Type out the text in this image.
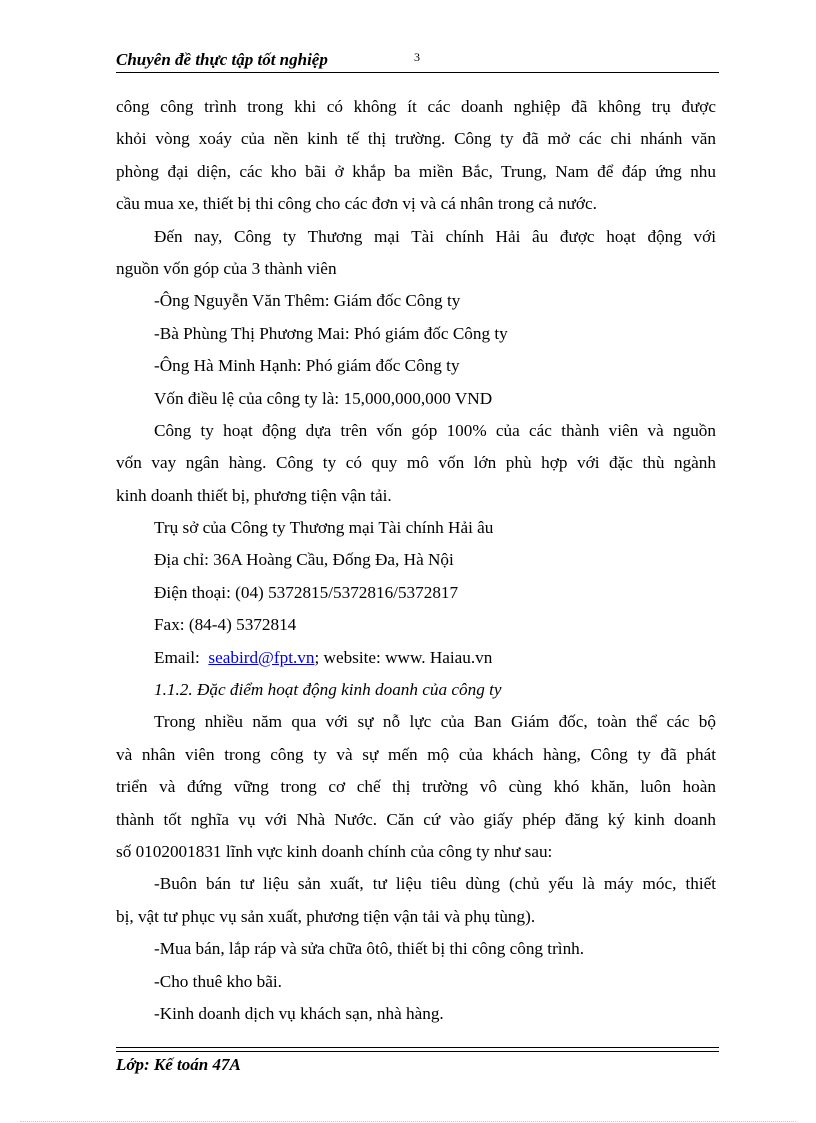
Chuyên đề thực tập tốt nghiệp	3
công công trình trong khi có không ít các doanh nghiệp đã không trụ được
khỏi vòng xoáy của nền kinh tế thị trường. Công ty đã mở các chi nhánh văn
phòng đại diện, các kho bãi ở khắp ba miền Bắc, Trung, Nam để đáp ứng nhu
cầu mua xe, thiết bị thi công cho các đơn vị và cá nhân trong cả nước.
Đến nay, Công ty Thương mại Tài chính Hải âu được hoạt động với
nguồn vốn góp của 3 thành viên
-Ông Nguyễn Văn Thêm: Giám đốc Công ty
-Bà Phùng Thị Phương Mai: Phó giám đốc Công ty
-Ông Hà Minh Hạnh: Phó giám đốc Công ty
Vốn điều lệ của công ty là: 15,000,000,000 VND
Công ty hoạt động dựa trên vốn góp 100% của các thành viên và nguồn
vốn vay ngân hàng. Công ty có quy mô vốn lớn phù hợp với đặc thù ngành
kinh doanh thiết bị, phương tiện vận tải.
Trụ sở của Công ty Thương mại Tài chính Hải âu
Địa chỉ: 36A Hoàng Cầu, Đống Đa, Hà Nội
Điện thoại: (04) 5372815/5372816/5372817
Fax: (84-4) 5372814
Email: seabird@fpt.vn; website: www. Haiau.vn
1.1.2. Đặc điểm hoạt động kinh doanh của công ty
Trong nhiều năm qua với sự nỗ lực của Ban Giám đốc, toàn thể các bộ
và nhân viên trong công ty và sự mến mộ của khách hàng, Công ty đã phát
triển và đứng vững trong cơ chế thị trường vô cùng khó khăn, luôn hoàn
thành tốt nghĩa vụ với Nhà Nước. Căn cứ vào giấy phép đăng ký kinh doanh
số 0102001831 lĩnh vực kinh doanh chính của công ty như sau:
-Buôn bán tư liệu sản xuất, tư liệu tiêu dùng (chủ yếu là máy móc, thiết
bị, vật tư phục vụ sản xuất, phương tiện vận tải và phụ tùng).
-Mua bán, lắp ráp và sửa chữa ôtô, thiết bị thi công công trình.
-Cho thuê kho bãi.
-Kinh doanh dịch vụ khách sạn, nhà hàng.
Lớp: Kế toán 47A
